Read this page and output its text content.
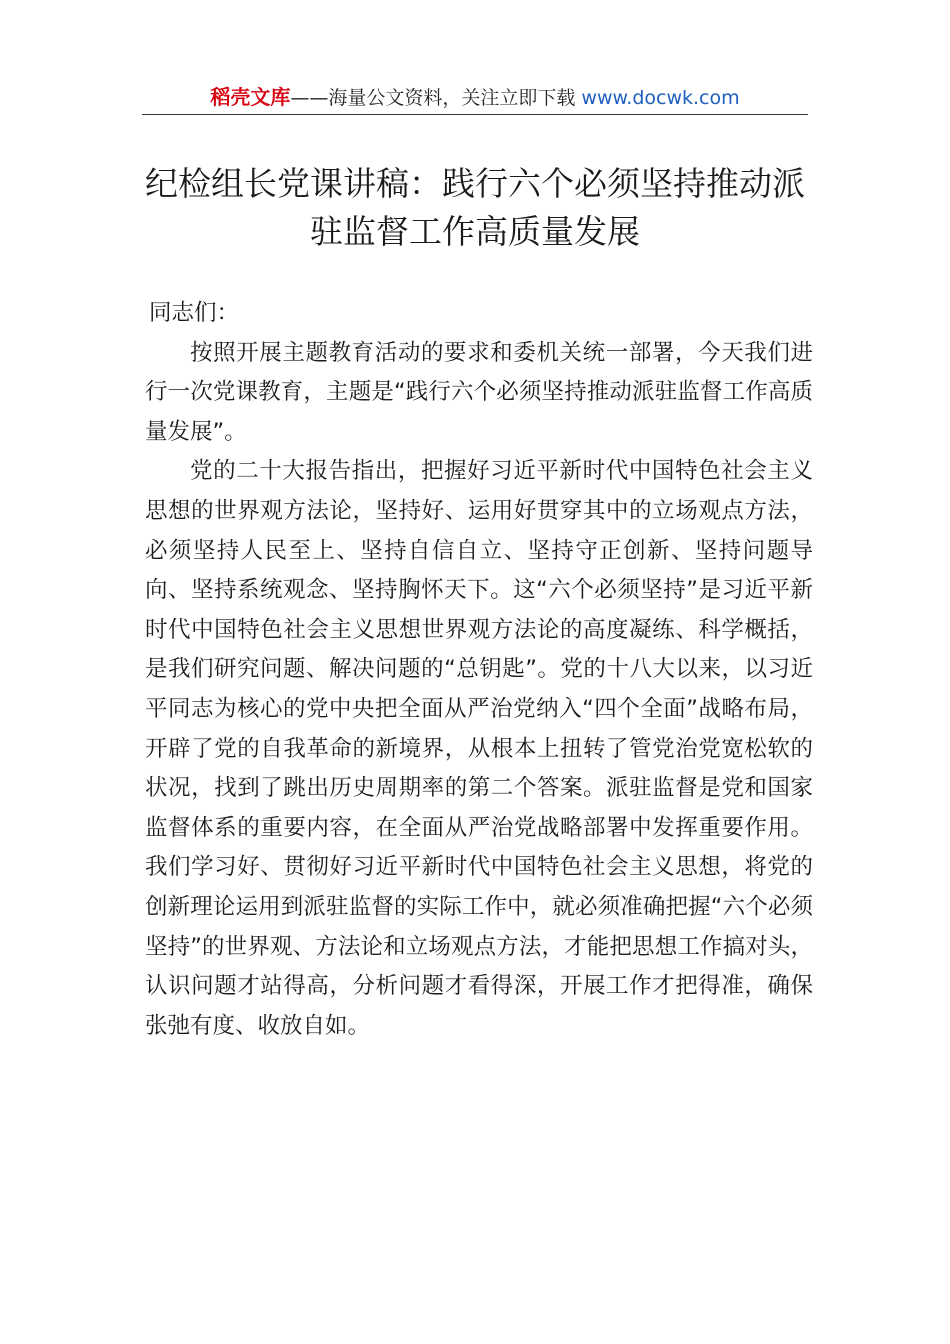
稻壳文库——海量公文资料，关注立即下载 www.docwk.com
纪检组长党课讲稿：践行六个必须坚持推动派驻监督工作高质量发展

同志们：

按照开展主题教育活动的要求和委机关统一部署，今天我们进行一次党课教育，主题是“践行六个必须坚持推动派驻监督工作高质量发展”。

党的二十大报告指出，把握好习近平新时代中国特色社会主义思想的世界观方法论，坚持好、运用好贯穿其中的立场观点方法，必须坚持人民至上、坚持自信自立、坚持守正创新、坚持问题导向、坚持系统观念、坚持胸怀天下。这“六个必须坚持”是习近平新时代中国特色社会主义思想世界观方法论的高度凝练、科学概括，是我们研究问题、解决问题的“总钥匙”。党的十八大以来，以习近平同志为核心的党中央把全面从严治党纳入“四个全面”战略布局，开辟了党的自我革命的新境界，从根本上扭转了管党治党宽松软的状况，找到了跳出历史周期率的第二个答案。派驻监督是党和国家监督体系的重要内容，在全面从严治党战略部署中发挥重要作用。我们学习好、贯彻好习近平新时代中国特色社会主义思想，将党的创新理论运用到派驻监督的实际工作中，就必须准确把握“六个必须坚持”的世界观、方法论和立场观点方法，才能把思想工作搞对头，认识问题才站得高，分析问题才看得深，开展工作才把得准，确保张弛有度、收放自如。
